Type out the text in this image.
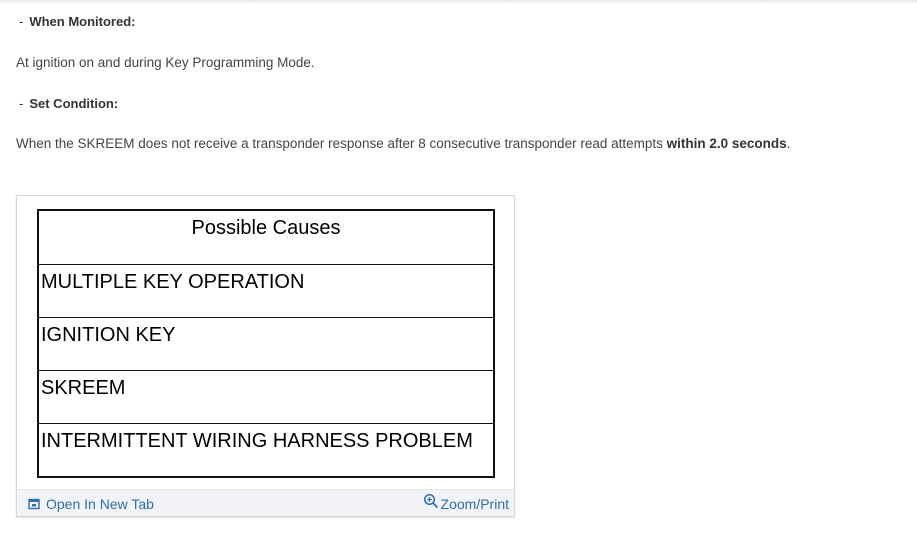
- When Monitored:
At ignition on and during Key Programming Mode.
- Set Condition:
When the SKREEM does not receive a transponder response after 8 consecutive transponder read attempts within 2.0 seconds.
Possible Causes
MULTIPLE KEY OPERATION
IGNITION KEY
SKREEM
INTERMITTENT WIRING HARNESS PROBLEM
Open In New Tab	Zoom/Print
